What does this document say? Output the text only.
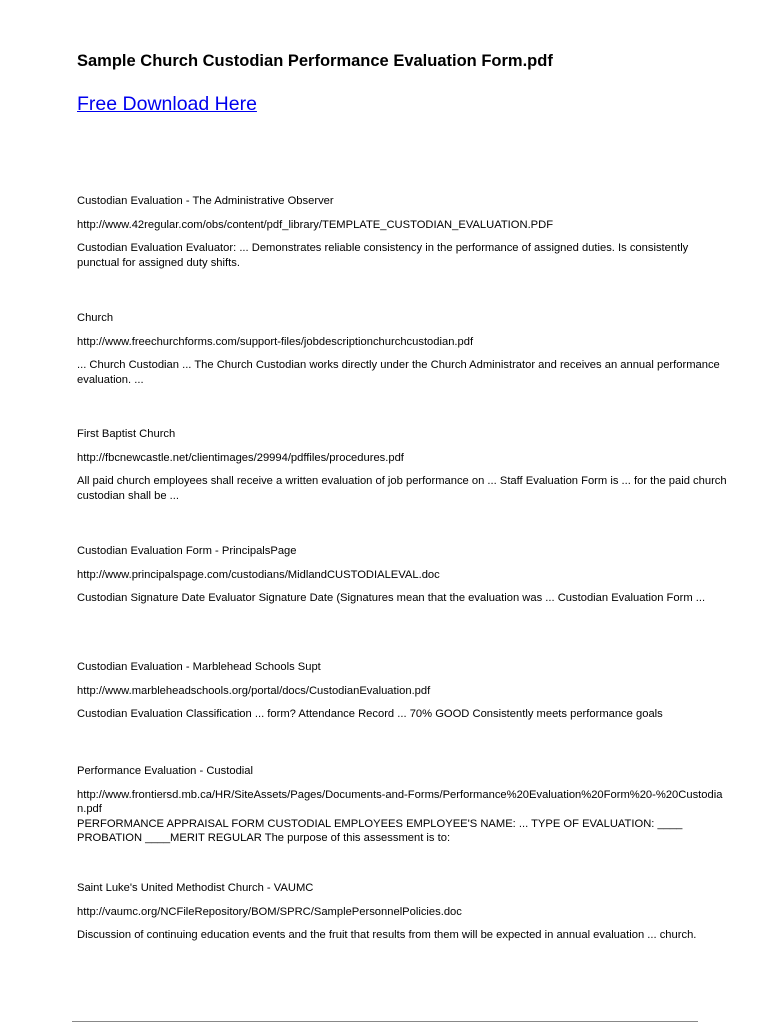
Sample Church Custodian Performance Evaluation Form.pdf
Free Download Here

Custodian Evaluation - The Administrative Observer

http://www.42regular.com/obs/content/pdf_library/TEMPLATE_CUSTODIAN_EVALUATION.PDF

Custodian Evaluation Evaluator: ... Demonstrates reliable consistency in the performance of assigned duties. Is consistently punctual for assigned duty shifts.

Church

http://www.freechurchforms.com/support-files/jobdescriptionchurchcustodian.pdf

... Church Custodian ... The Church Custodian works directly under the Church Administrator and receives an annual performance evaluation. ...

First Baptist Church

http://fbcnewcastle.net/clientimages/29994/pdffiles/procedures.pdf

All paid church employees shall receive a written evaluation of job performance on ... Staff Evaluation Form is ... for the paid church custodian shall be ...

Custodian Evaluation Form - PrincipalsPage

http://www.principalspage.com/custodians/MidlandCUSTODIALEVAL.doc

Custodian Signature Date Evaluator Signature Date (Signatures mean that the evaluation was ... Custodian Evaluation Form ...

Custodian Evaluation - Marblehead Schools Supt

http://www.marbleheadschools.org/portal/docs/CustodianEvaluation.pdf

Custodian Evaluation Classification ... form? Attendance Record ... 70% GOOD Consistently meets performance goals

Performance Evaluation - Custodial

http://www.frontiersd.mb.ca/HR/SiteAssets/Pages/Documents-and-Forms/Performance%20Evaluation%20Form%20-%20Custodian.pdf

PERFORMANCE APPRAISAL FORM CUSTODIAL EMPLOYEES EMPLOYEE'S NAME: ... TYPE OF EVALUATION: ____ PROBATION ____MERIT REGULAR The purpose of this assessment is to:

Saint Luke's United Methodist Church - VAUMC

http://vaumc.org/NCFileRepository/BOM/SPRC/SamplePersonnelPolicies.doc

Discussion of continuing education events and the fruit that results from them will be expected in annual evaluation ... church.
